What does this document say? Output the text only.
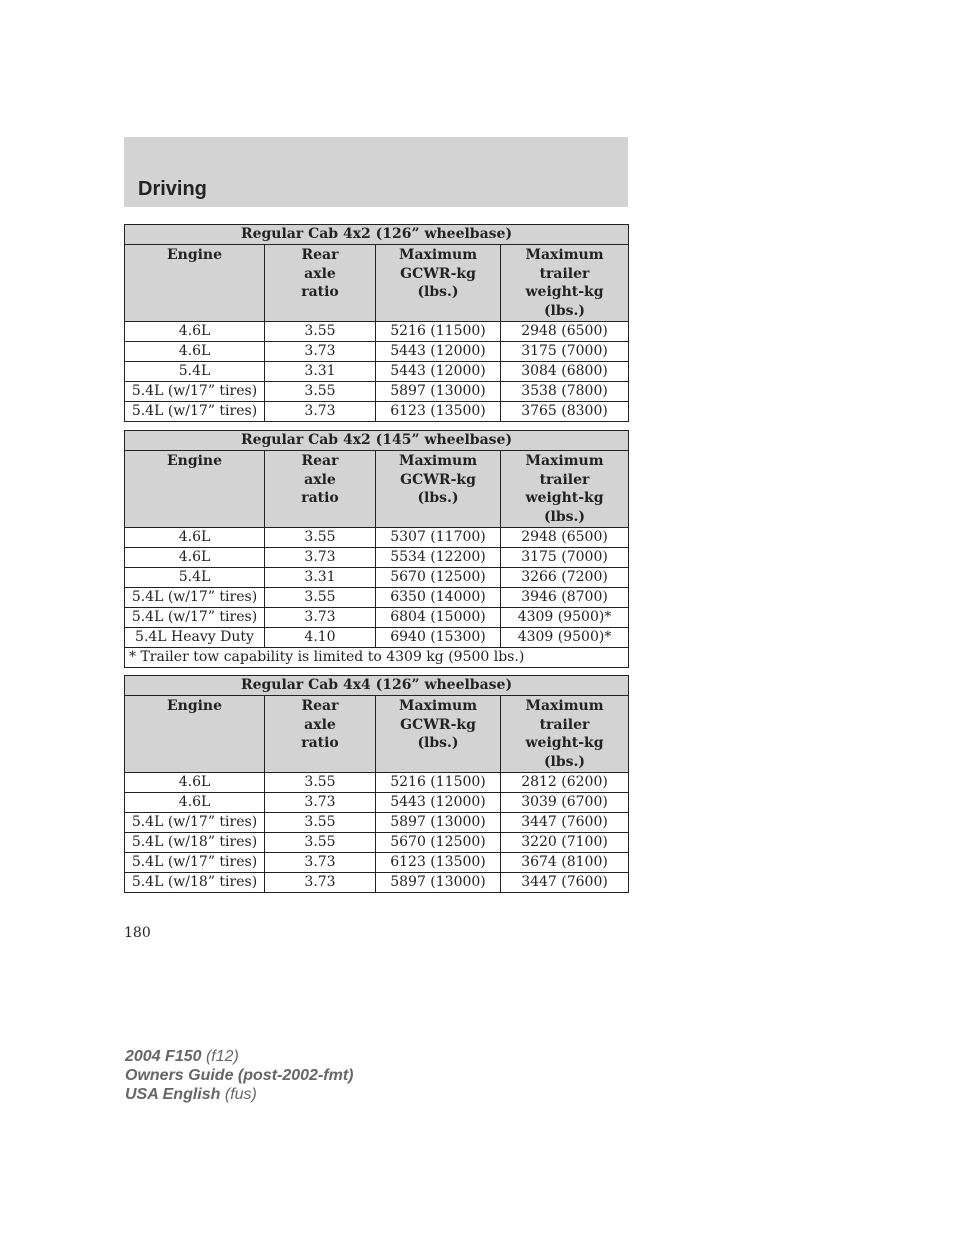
Driving
Regular Cab 4x2 (126” wheelbase)			
Engine	Rear axle ratio	Maximum GCWR-kg (lbs.)	Maximum trailer weight-kg (lbs.)
4.6L	3.55	5216 (11500)	2948 (6500)
4.6L	3.73	5443 (12000)	3175 (7000)
5.4L	3.31	5443 (12000)	3084 (6800)
5.4L (w/17” tires)	3.55	5897 (13000)	3538 (7800)
5.4L (w/17” tires)	3.73	6123 (13500)	3765 (8300)
Regular Cab 4x2 (145” wheelbase)			
Engine	Rear axle ratio	Maximum GCWR-kg (lbs.)	Maximum trailer weight-kg (lbs.)
4.6L	3.55	5307 (11700)	2948 (6500)
4.6L	3.73	5534 (12200)	3175 (7000)
5.4L	3.31	5670 (12500)	3266 (7200)
5.4L (w/17” tires)	3.55	6350 (14000)	3946 (8700)
5.4L (w/17” tires)	3.73	6804 (15000)	4309 (9500)*
5.4L Heavy Duty	4.10	6940 (15300)	4309 (9500)*
* Trailer tow capability is limited to 4309 kg (9500 lbs.)			
Regular Cab 4x4 (126” wheelbase)			
Engine	Rear axle ratio	Maximum GCWR-kg (lbs.)	Maximum trailer weight-kg (lbs.)
4.6L	3.55	5216 (11500)	2812 (6200)
4.6L	3.73	5443 (12000)	3039 (6700)
5.4L (w/17” tires)	3.55	5897 (13000)	3447 (7600)
5.4L (w/18” tires)	3.55	5670 (12500)	3220 (7100)
5.4L (w/17” tires)	3.73	6123 (13500)	3674 (8100)
5.4L (w/18” tires)	3.73	5897 (13000)	3447 (7600)

180

2004 F150 (f12)
Owners Guide (post-2002-fmt)
USA English (fus)
